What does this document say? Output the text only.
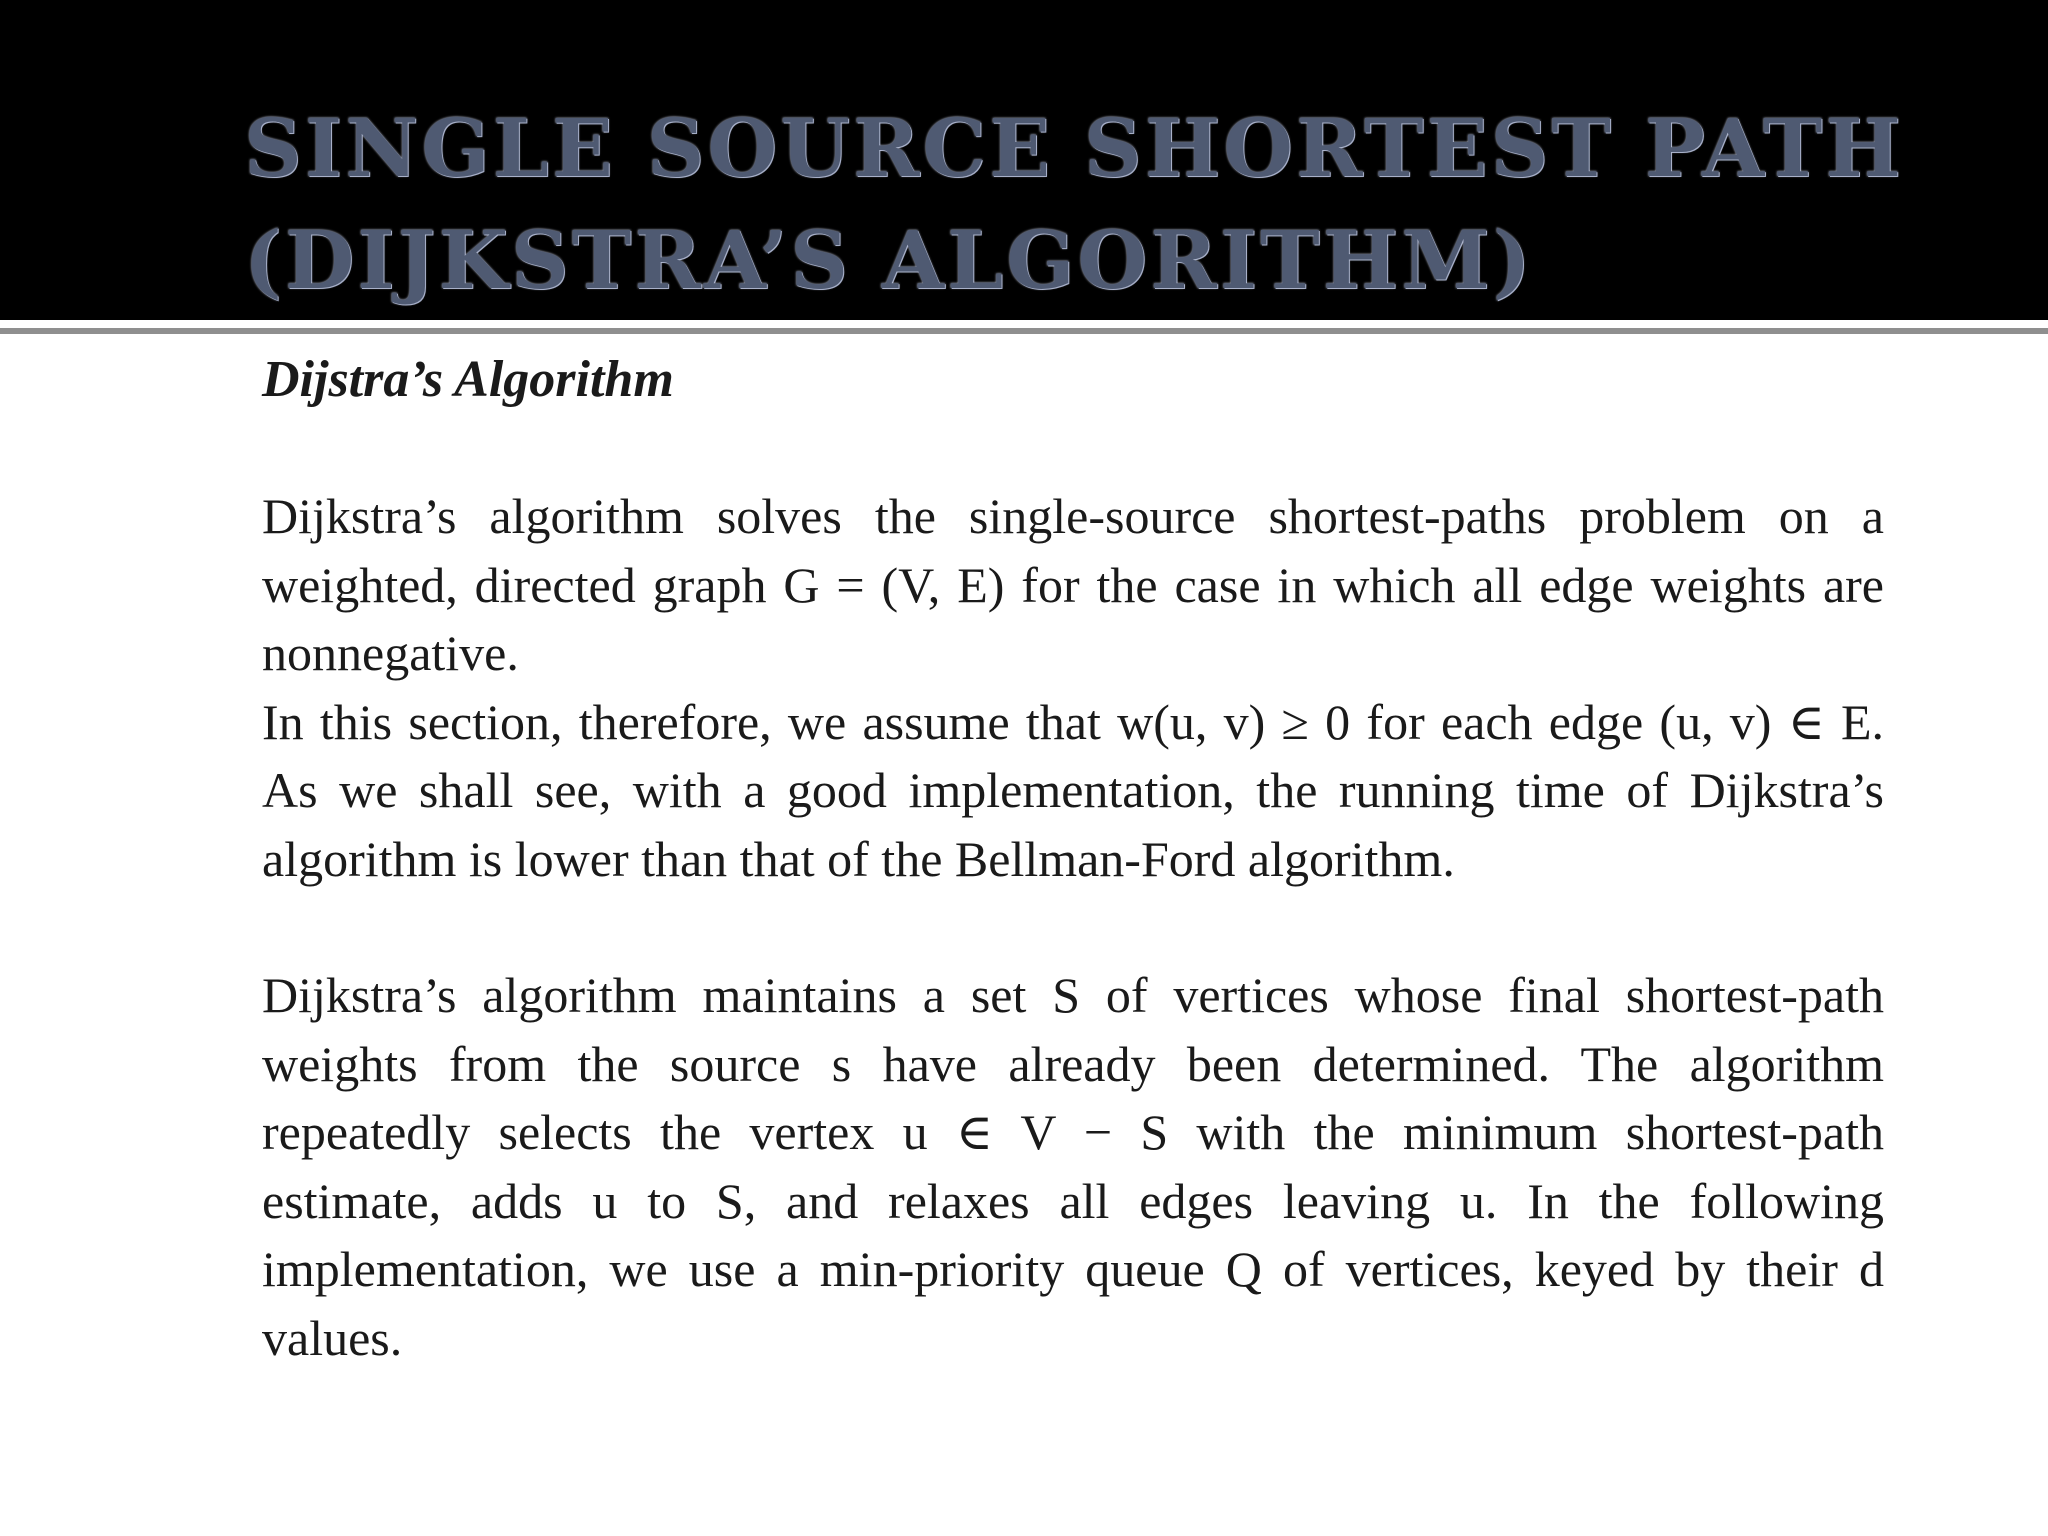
SINGLE SOURCE SHORTEST PATH
(DIJKSTRA’S ALGORITHM)

Dijstra’s Algorithm

Dijkstra’s algorithm solves the single-source shortest-paths problem on a weighted, directed graph G = (V, E) for the case in which all edge weights are nonnegative.

In this section, therefore, we assume that w(u, v) ≥ 0 for each edge (u, v) ∈ E. As we shall see, with a good implementation, the running time of Dijkstra’s algorithm is lower than that of the Bellman-Ford algorithm.

Dijkstra’s algorithm maintains a set S of vertices whose final shortest-path weights from the source s have already been determined. The algorithm repeatedly selects the vertex u ∈ V − S with the minimum shortest-path estimate, adds u to S, and relaxes all edges leaving u. In the following implementation, we use a min-priority queue Q of vertices, keyed by their d values.
